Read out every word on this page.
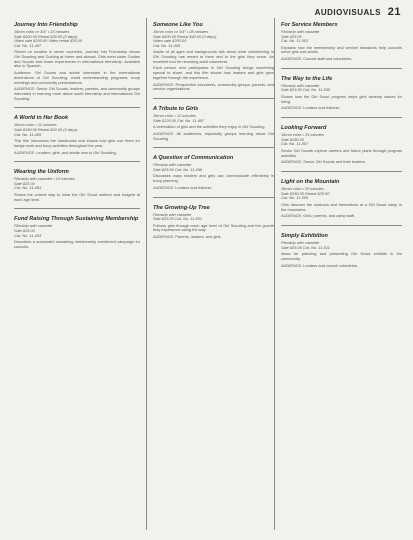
AUDIOVISUALS 21
Journey Into Friendship
16mm color or 3/4" • 23 minutes
Sale $300.00 Rental $30.00 (3 days)
Video sale $200.00 Video rental $30.00
Cat. No. 11-487

Filmed on location in seven countries, Journey Into Friendship shows Girl Scouting and Guiding at home and abroad. Girls meet sister Guides and Scouts and share experiences in international friendship. Available also in Spanish.

Audience: Girl Scouts and adults interested in the international dimensions of Girl Scouting; world understanding programs; troop meetings and community presentations.

AUDIENCE: Senior Girl Scouts, leaders, parents, and community groups interested in learning more about world friendship and international Girl Scouting.

A World in Her Book
16mm color • 11 minutes
Sale $150.00 Rental $20.00 (3 days)
Cat. No. 11-489

This film introduces the handbooks and shows how girls use them for badge work and troop activities throughout the year.

AUDIENCE: Leaders, girls, and adults new to Girl Scouting.

Wearing the Uniform
Filmstrip with cassette • 10 minutes
Sale $25.00
Cat. No. 11-491

Shows the correct way to wear the Girl Scout uniform and insignia at each age level.

Fund Raising Through Sustaining Membership
Filmstrip with cassette
Sale $25.00
Cat. No. 11-493

Describes a successful sustaining membership enrollment campaign for councils.

Someone Like You
16mm color or 3/4" • 28 minutes
Sale $400.00 Rental $40.00 (3 days)
Video sale $200.00
Cat. No. 11-495

Adults of all ages and backgrounds talk about what volunteering in Girl Scouting has meant to them and to the girls they serve. An excellent tool for recruiting adult volunteers.

Each person who participates in Girl Scouting brings something special to share, and this film shows how leaders and girls grow together through the experience.

AUDIENCE: Prospective volunteers, community groups, parents, and service organizations.

A Tribute to Girls
16mm color • 12 minutes
Sale $125.00 Cat. No. 11-497

A celebration of girls and the activities they enjoy in Girl Scouting.

AUDIENCE: All audiences, especially groups learning about Girl Scouting.

A Question of Communication
Filmstrip with cassette
Sale $25.00 Cat. No. 11-499

Discusses ways leaders and girls can communicate effectively in troop planning.

AUDIENCE: Leaders and trainers.

The Growing-Up Tree
Filmstrip with cassette
Sale $25.00 Cat. No. 11-501

Follows girls through each age level of Girl Scouting and the growth they experience along the way.

AUDIENCE: Parents, leaders, and girls.

For Service Members
Filmstrip with cassette
Sale $25.00
Cat. No. 11-503

Explains how the membership and service standards help councils serve girls and adults.

AUDIENCE: Council staff and volunteers.

The Way to the Life
Filmstrip with cassette
Sale $25.00 Cat. No. 11-505

Shows how the Girl Scout program helps girls develop values for living.

AUDIENCE: Leaders and trainers.

Looking Forward
16mm color • 15 minutes
Sale $150.00
Cat. No. 11-507

Senior Girl Scouts explore careers and future plans through program activities.

AUDIENCE: Senior Girl Scouts and their leaders.

Light on the Mountain
16mm color • 20 minutes
Sale $250.00 Rental $25.00
Cat. No. 11-509

Girls discover the outdoors and themselves at a Girl Scout camp in the mountains.

AUDIENCE: Girls, parents, and camp staff.

Simply Exhibition
Filmstrip with cassette
Sale $25.00 Cat. No. 11-511

Ideas for planning and presenting Girl Scout exhibits in the community.

AUDIENCE: Leaders and council volunteers.
